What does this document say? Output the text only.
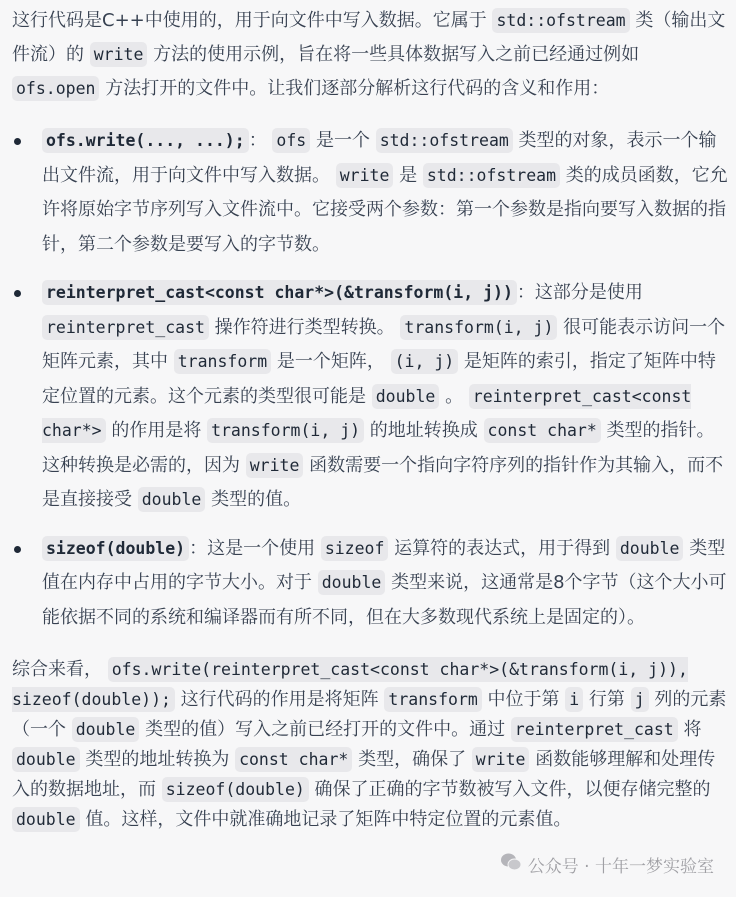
这行代码是C++中使用的，用于向文件中写入数据。它属于 std::ofstream 类（输出文件流）的 write 方法的使用示例，旨在将一些具体数据写入之前已经通过例如 ofs.open 方法打开的文件中。让我们逐部分解析这行代码的含义和作用：

ofs.write(..., ...); ： ofs 是一个 std::ofstream 类型的对象，表示一个输出文件流，用于向文件中写入数据。 write 是 std::ofstream 类的成员函数，它允许将原始字节序列写入文件流中。它接受两个参数：第一个参数是指向要写入数据的指针，第二个参数是要写入的字节数。
reinterpret_cast<const char*>(&transform(i, j)) ：这部分是使用 reinterpret_cast 操作符进行类型转换。 transform(i, j) 很可能表示访问一个矩阵元素，其中 transform 是一个矩阵， (i, j) 是矩阵的索引，指定了矩阵中特定位置的元素。这个元素的类型很可能是 double 。 reinterpret_cast<const char*> 的作用是将 transform(i, j) 的地址转换成 const char* 类型的指针。这种转换是必需的，因为 write 函数需要一个指向字符序列的指针作为其输入，而不是直接接受 double 类型的值。
sizeof(double) ：这是一个使用 sizeof 运算符的表达式，用于得到 double 类型值在内存中占用的字节大小。对于 double 类型来说，这通常是8个字节（这个大小可能依据不同的系统和编译器而有所不同，但在大多数现代系统上是固定的）。

综合来看， ofs.write(reinterpret_cast<const char*>(&transform(i, j)), sizeof(double)); 这行代码的作用是将矩阵 transform 中位于第 i 行第 j 列的元素（一个 double 类型的值）写入之前已经打开的文件中。通过 reinterpret_cast 将 double 类型的地址转换为 const char* 类型，确保了 write 函数能够理解和处理传入的数据地址，而 sizeof(double) 确保了正确的字节数被写入文件，以便存储完整的 double 值。这样，文件中就准确地记录了矩阵中特定位置的元素值。

公众号 · 十年一梦实验室
